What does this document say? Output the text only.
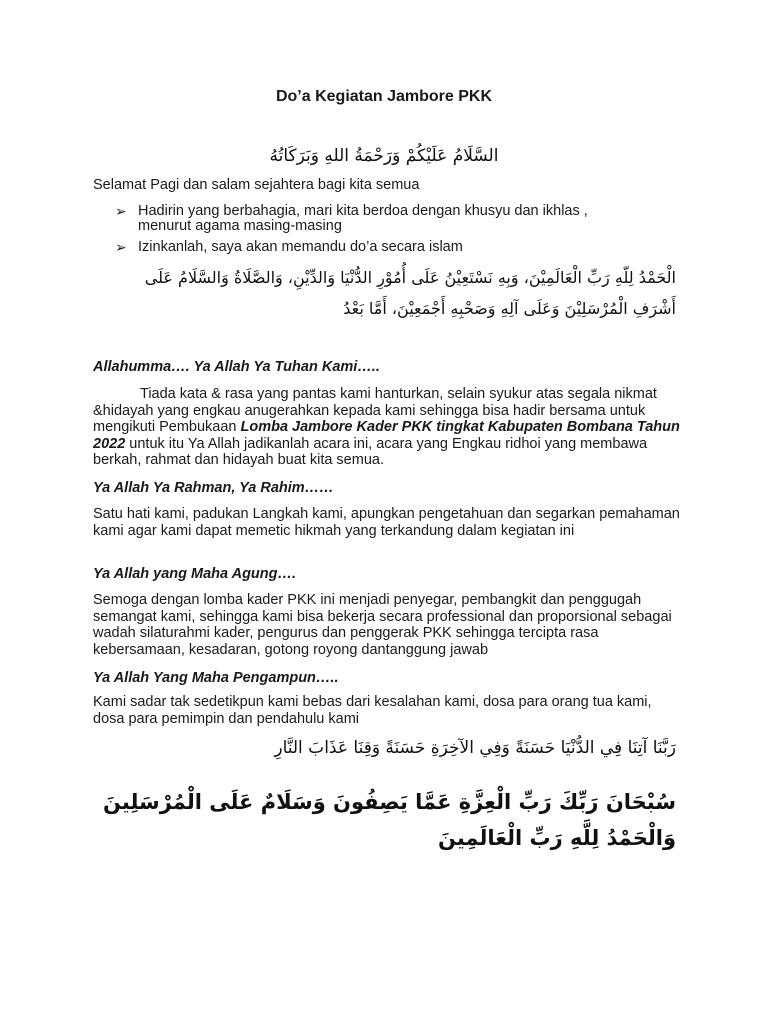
Do’a Kegiatan Jambore PKK
السَّلَامُ عَلَيْكُمْ وَرَحْمَةُ اللهِ وَبَرَكَاتُهُ
Selamat Pagi dan salam sejahtera bagi kita semua
➢ Hadirin yang berbahagia, mari kita berdoa dengan khusyu dan ikhlas ,
menurut agama masing-masing
➢ Izinkanlah, saya akan memandu do’a secara islam
الْحَمْدُ لِلّهِ رَبِّ الْعَالَمِيْنَ، وَبِهِ نَسْتَعِيْنُ عَلَى أُمُوْرِ الدُّنْيَا وَالدِّيْنِ، وَالصَّلَاةُ وَالسَّلَامُ عَلَى
أَشْرَفِ الْمُرْسَلِيْنَ وَعَلَى آلِهِ وَصَحْبِهِ أَجْمَعِيْنَ، أَمَّا بَعْدُ

Allahumma…. Ya Allah Ya Tuhan Kami…..

Tiada kata & rasa yang pantas kami hanturkan, selain syukur atas segala nikmat &hidayah yang engkau anugerahkan kepada kami sehingga bisa hadir bersama untuk mengikuti Pembukaan Lomba Jambore Kader PKK tingkat Kabupaten Bombana Tahun 2022 untuk itu Ya Allah jadikanlah acara ini, acara yang Engkau ridhoi yang membawa berkah, rahmat dan hidayah buat kita semua.

Ya Allah Ya Rahman, Ya Rahim……

Satu hati kami, padukan Langkah kami, apungkan pengetahuan dan segarkan pemahaman kami agar kami dapat memetic hikmah yang terkandung dalam kegiatan ini

Ya Allah yang Maha Agung….

Semoga dengan lomba kader PKK ini menjadi penyegar, pembangkit dan penggugah semangat kami, sehingga kami bisa bekerja secara professional dan proporsional sebagai wadah silaturahmi kader, pengurus dan penggerak PKK sehingga tercipta rasa kebersamaan, kesadaran, gotong royong dantanggung jawab

Ya Allah Yang Maha Pengampun…..

Kami sadar tak sedetikpun kami bebas dari kesalahan kami, dosa para orang tua kami, dosa para pemimpin dan pendahulu kami

رَبَّنَا آتِنَا فِي الدُّنْيَا حَسَنَةً وَفِي الآخِرَةِ حَسَنَةً وَقِنَا عَذَابَ النَّارِ
سُبْحَانَ رَبِّكَ رَبِّ الْعِزَّةِ عَمَّا يَصِفُونَ وَسَلَامٌ عَلَى الْمُرْسَلِينَ وَالْحَمْدُ لِلَّهِ رَبِّ الْعَالَمِينَ
